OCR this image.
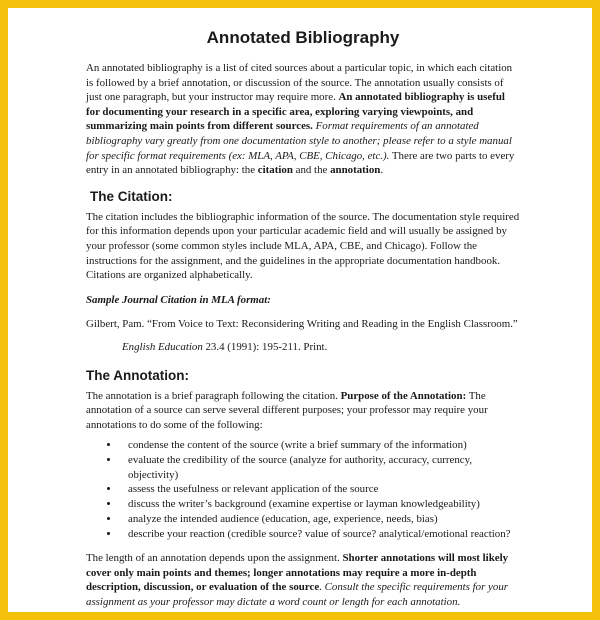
Annotated Bibliography

An annotated bibliography is a list of cited sources about a particular topic, in which each citation is followed by a brief annotation, or discussion of the source. The annotation usually consists of just one paragraph, but your instructor may require more. An annotated bibliography is useful for documenting your research in a specific area, exploring varying viewpoints, and summarizing main points from different sources. Format requirements of an annotated bibliography vary greatly from one documentation style to another; please refer to a style manual for specific format requirements (ex: MLA, APA, CBE, Chicago, etc.). There are two parts to every entry in an annotated bibliography: the citation and the annotation.

The Citation:

The citation includes the bibliographic information of the source. The documentation style required for this information depends upon your particular academic field and will usually be assigned by your professor (some common styles include MLA, APA, CBE, and Chicago). Follow the instructions for the assignment, and the guidelines in the appropriate documentation handbook. Citations are organized alphabetically.

Sample Journal Citation in MLA format:

Gilbert, Pam. “From Voice to Text: Reconsidering Writing and Reading in the English Classroom.”

English Education 23.4 (1991): 195-211. Print.

The Annotation:

The annotation is a brief paragraph following the citation. Purpose of the Annotation: The annotation of a source can serve several different purposes; your professor may require your annotations to do some of the following:

• condense the content of the source (write a brief summary of the information)
• evaluate the credibility of the source (analyze for authority, accuracy, currency, objectivity)
• assess the usefulness or relevant application of the source
• discuss the writer’s background (examine expertise or layman knowledgeability)
• analyze the intended audience (education, age, experience, needs, bias)
• describe your reaction (credible source? value of source? analytical/emotional reaction?

The length of an annotation depends upon the assignment. Shorter annotations will most likely cover only main points and themes; longer annotations may require a more in-depth description, discussion, or evaluation of the source. Consult the specific requirements for your assignment as your professor may dictate a word count or length for each annotation.
